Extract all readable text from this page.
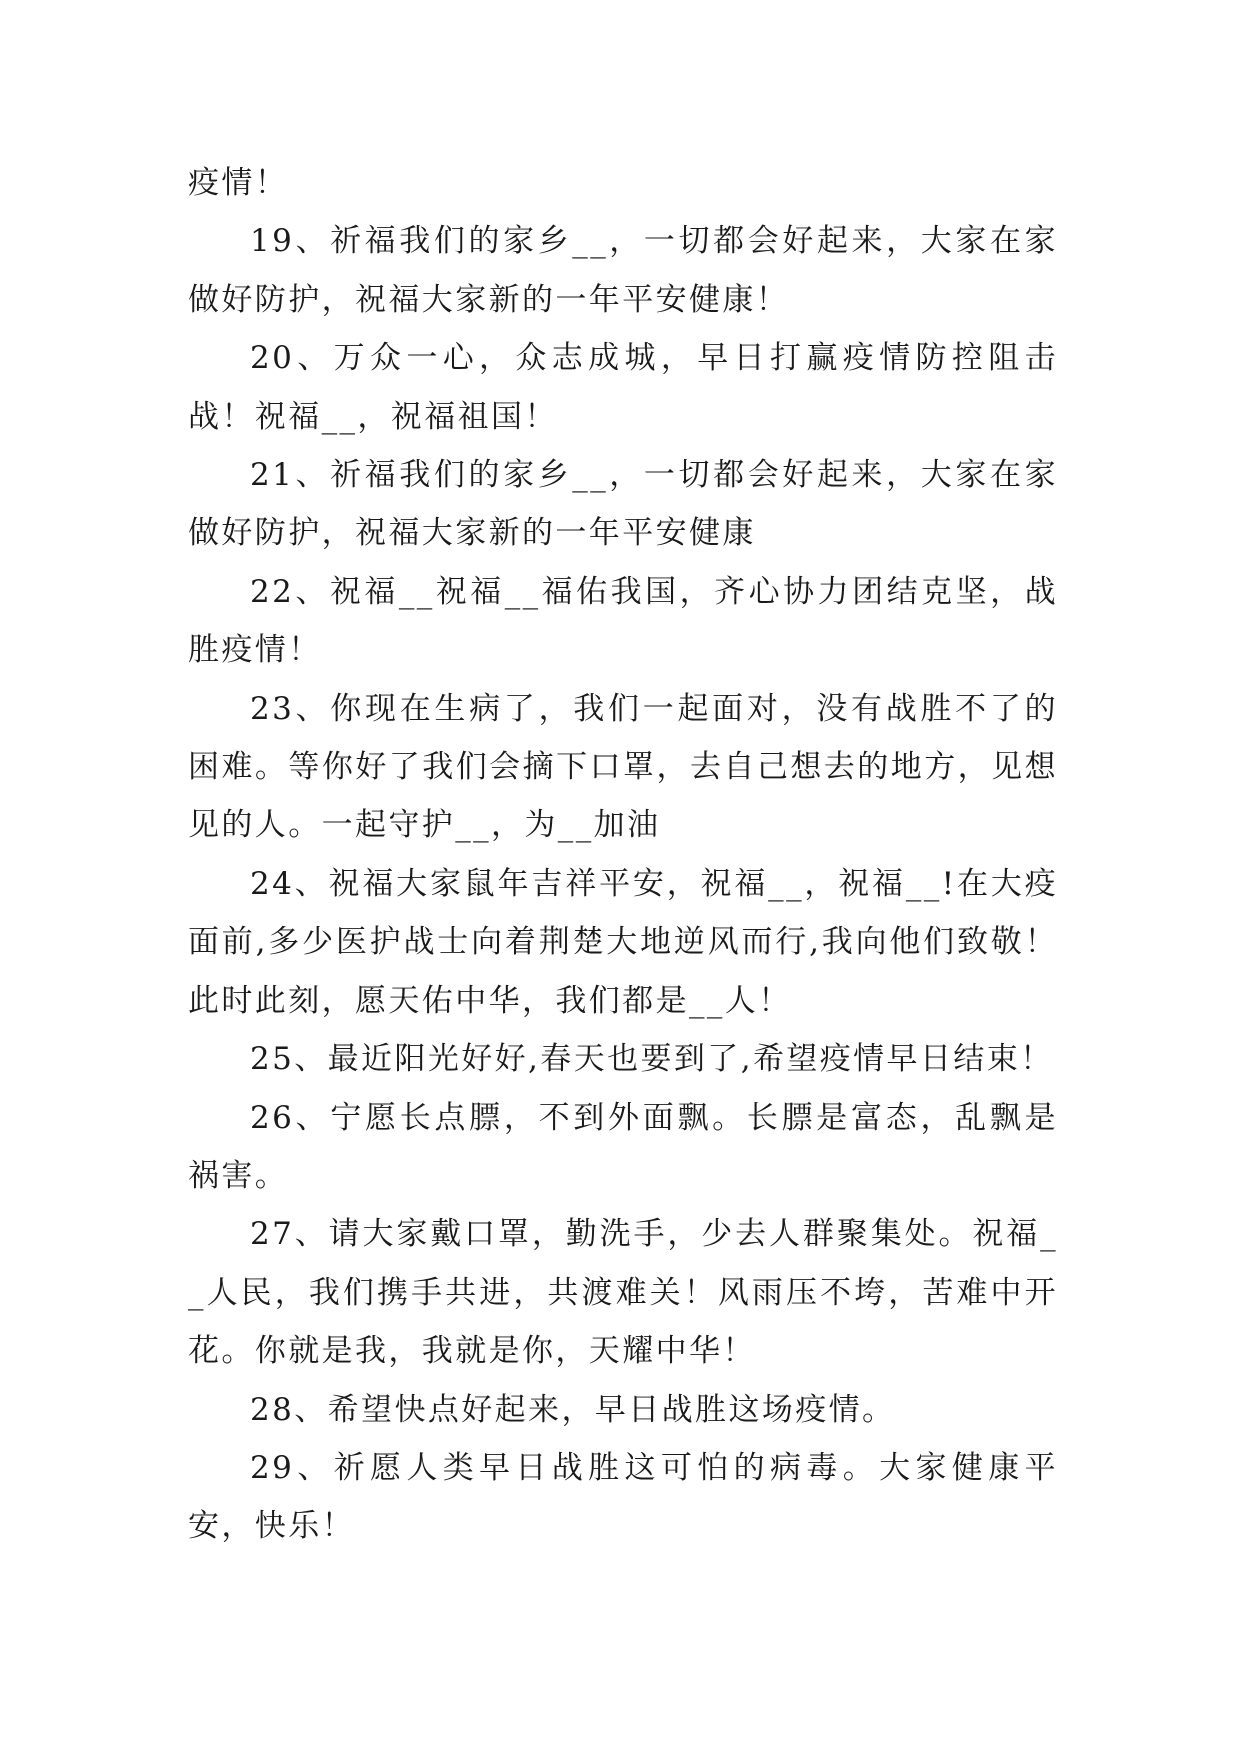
疫情！

19、祈福我们的家乡__，一切都会好起来，大家在家做好防护，祝福大家新的一年平安健康！

20、万众一心，众志成城，早日打赢疫情防控阻击战！祝福__，祝福祖国！

21、祈福我们的家乡__，一切都会好起来，大家在家做好防护，祝福大家新的一年平安健康

22、祝福__祝福__福佑我国，齐心协力团结克坚，战胜疫情！

23、你现在生病了，我们一起面对，没有战胜不了的困难。等你好了我们会摘下口罩，去自己想去的地方，见想见的人。一起守护__，为__加油

24、祝福大家鼠年吉祥平安，祝福__，祝福__!在大疫面前,多少医护战士向着荆楚大地逆风而行,我向他们致敬！此时此刻，愿天佑中华，我们都是__人！

25、最近阳光好好,春天也要到了,希望疫情早日结束！

26、宁愿长点膘，不到外面飘。长膘是富态，乱飘是祸害。

27、请大家戴口罩，勤洗手，少去人群聚集处。祝福__人民，我们携手共进，共渡难关！风雨压不垮，苦难中开花。你就是我，我就是你，天耀中华！

28、希望快点好起来，早日战胜这场疫情。

29、祈愿人类早日战胜这可怕的病毒。大家健康平安，快乐！
